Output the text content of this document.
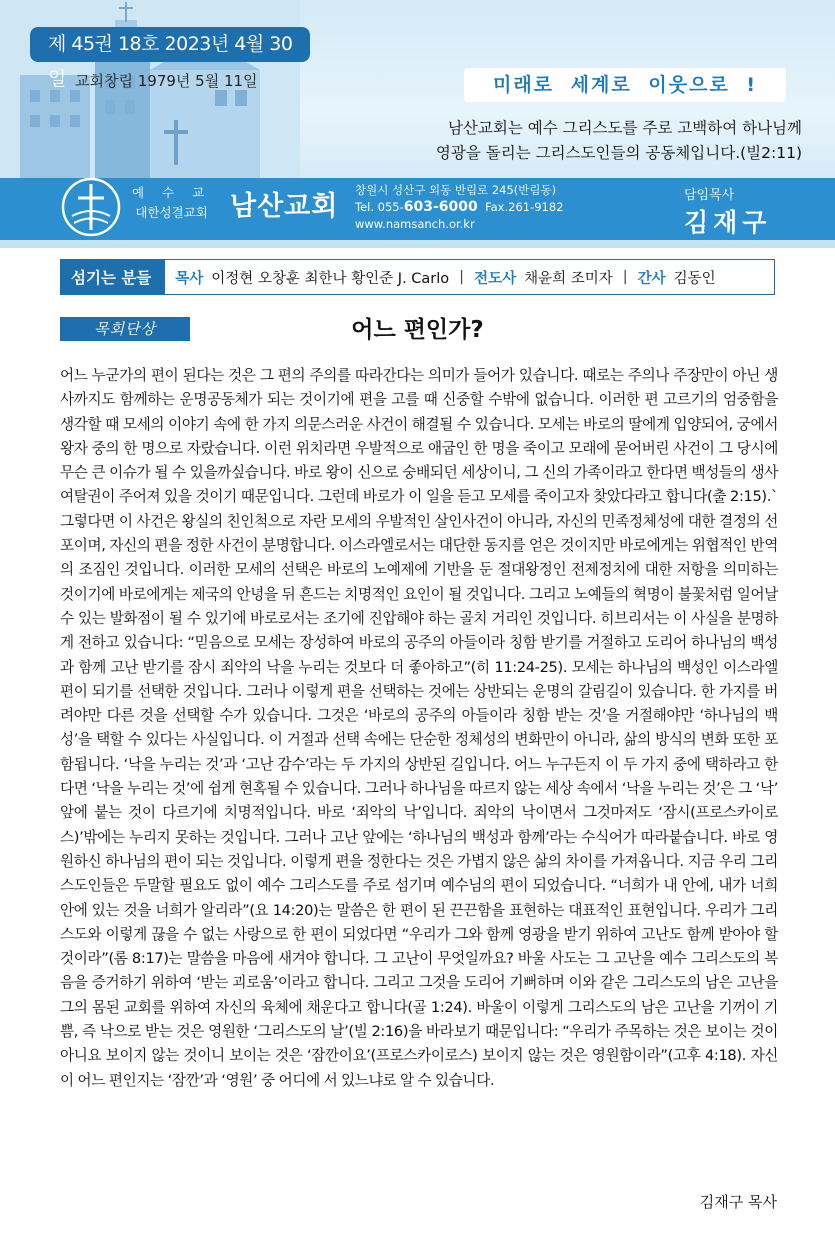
제 45권 18호 2023년 4월 30일 교회창립 1979년 5월 11일	미래로 세계로 이웃으로 !
남산교회는 예수 그리스도를 주로 고백하여 하나님께
영광을 돌리는 그리스도인들의 공동체입니다.(빌2:11)
예 수 교
대한성결교회 남산교회
창원시 성산구 외동 반림로 245(반림동)
Tel. 055-603-6000 Fax.261-9182
www.namsanch.or.kr
담임목사
김재구
섬기는 분들	목사 이정현 오창훈 최한나 황인준 J. Carlo | 전도사 채윤희 조미자 | 간사 김동인
목회단상	어느 편인가?

어느 누군가의 편이 된다는 것은 그 편의 주의를 따라간다는 의미가 들어가 있습니다. 때로는 주의나 주장만이 아닌 생사까지도 함께하는 운명공동체가 되는 것이기에 편을 고를 때 신중할 수밖에 없습니다. 이러한 편 고르기의 엄중함을 생각할 때 모세의 이야기 속에 한 가지 의문스러운 사건이 해결될 수 있습니다. 모세는 바로의 딸에게 입양되어, 궁에서 왕자 중의 한 명으로 자랐습니다. 이런 위치라면 우발적으로 애굽인 한 명을 죽이고 모래에 묻어버린 사건이 그 당시에 무슨 큰 이슈가 될 수 있을까싶습니다. 바로 왕이 신으로 숭배되던 세상이니, 그 신의 가족이라고 한다면 백성들의 생사 여탈권이 주어져 있을 것이기 때문입니다. 그런데 바로가 이 일을 듣고 모세를 죽이고자 찾았다라고 합니다(출 2:15).`그렇다면 이 사건은 왕실의 친인척으로 자란 모세의 우발적인 살인사건이 아니라, 자신의 민족정체성에 대한 결정의 선포이며, 자신의 편을 정한 사건이 분명합니다. 이스라엘로서는 대단한 동지를 얻은 것이지만 바로에게는 위협적인 반역의 조짐인 것입니다. 이러한 모세의 선택은 바로의 노예제에 기반을 둔 절대왕정인 전제정치에 대한 저항을 의미하는 것이기에 바로에게는 제국의 안녕을 뒤 흔드는 치명적인 요인이 될 것입니다. 그리고 노예들의 혁명이 불꽃처럼 일어날 수 있는 발화점이 될 수 있기에 바로로서는 조기에 진압해야 하는 골치 거리인 것입니다. 히브리서는 이 사실을 분명하게 전하고 있습니다: “믿음으로 모세는 장성하여 바로의 공주의 아들이라 칭함 받기를 거절하고 도리어 하나님의 백성과 함께 고난 받기를 잠시 죄악의 낙을 누리는 것보다 더 좋아하고”(히 11:24-25). 모세는 하나님의 백성인 이스라엘 편이 되기를 선택한 것입니다. 그러나 이렇게 편을 선택하는 것에는 상반되는 운명의 갈림길이 있습니다. 한 가지를 버려야만 다른 것을 선택할 수가 있습니다. 그것은 ‘바로의 공주의 아들이라 칭함 받는 것’을 거절해야만 ‘하나님의 백성’을 택할 수 있다는 사실입니다. 이 거절과 선택 속에는 단순한 정체성의 변화만이 아니라, 삶의 방식의 변화 또한 포함됩니다. ‘낙을 누리는 것’과 ‘고난 감수’라는 두 가지의 상반된 길입니다. 어느 누구든지 이 두 가지 중에 택하라고 한다면 ‘낙을 누리는 것’에 쉽게 현혹될 수 있습니다. 그러나 하나님을 따르지 않는 세상 속에서 ‘낙을 누리는 것’은 그 ‘낙’ 앞에 붙는 것이 다르기에 치명적입니다. 바로 ‘죄악의 낙’입니다. 죄악의 낙이면서 그것마저도 ‘잠시(프로스카이로스)’밖에는 누리지 못하는 것입니다. 그러나 고난 앞에는 ‘하나님의 백성과 함께’라는 수식어가 따라붙습니다. 바로 영원하신 하나님의 편이 되는 것입니다. 이렇게 편을 정한다는 것은 가볍지 않은 삶의 차이를 가져옵니다. 지금 우리 그리스도인들은 두말할 필요도 없이 예수 그리스도를 주로 섬기며 예수님의 편이 되었습니다. “너희가 내 안에, 내가 너희 안에 있는 것을 너희가 알리라”(요 14:20)는 말씀은 한 편이 된 끈끈함을 표현하는 대표적인 표현입니다. 우리가 그리스도와 이렇게 끊을 수 없는 사랑으로 한 편이 되었다면 “우리가 그와 함께 영광을 받기 위하여 고난도 함께 받아야 할 것이라”(롬 8:17)는 말씀을 마음에 새겨야 합니다. 그 고난이 무엇일까요? 바울 사도는 그 고난을 예수 그리스도의 복음을 증거하기 위하여 ‘받는 괴로움’이라고 합니다. 그리고 그것을 도리어 기뻐하며 이와 같은 그리스도의 남은 고난을 그의 몸된 교회를 위하여 자신의 육체에 채운다고 합니다(골 1:24). 바울이 이렇게 그리스도의 남은 고난을 기꺼이 기쁨, 즉 낙으로 받는 것은 영원한 ‘그리스도의 날’(빌 2:16)을 바라보기 때문입니다: “우리가 주목하는 것은 보이는 것이 아니요 보이지 않는 것이니 보이는 것은 ‘잠깐이요’(프로스카이로스) 보이지 않는 것은 영원함이라”(고후 4:18). 자신이 어느 편인지는 ‘잠깐’과 ‘영원’ 중 어디에 서 있느냐로 알 수 있습니다.

김재구 목사
